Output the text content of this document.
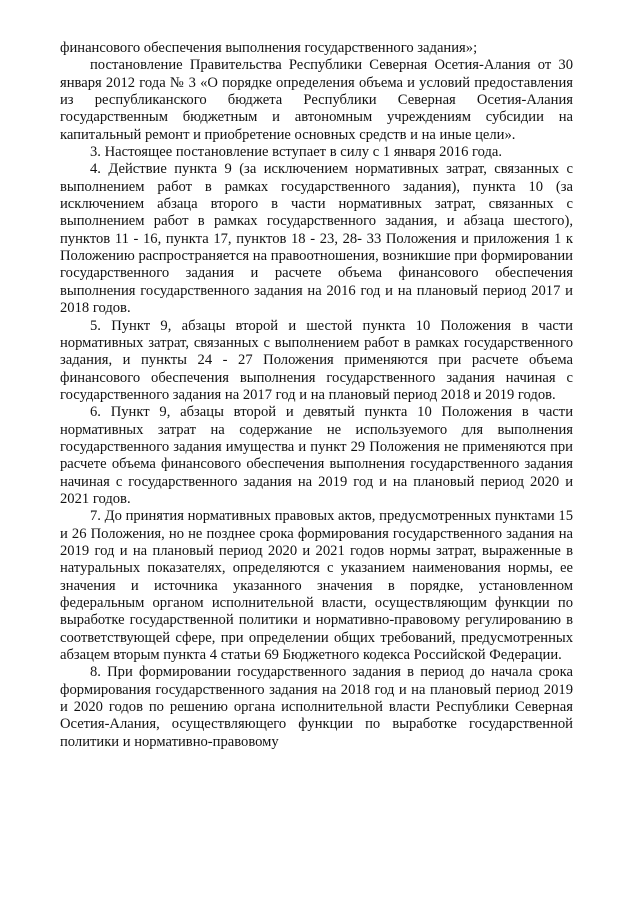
финансового обеспечения выполнения государственного задания»;

постановление Правительства Республики Северная Осетия-Алания от 30 января 2012 года № 3 «О порядке определения объема и условий предоставления из республиканского бюджета Республики Северная Осетия-Алания государственным бюджетным и автономным учреждениям субсидии на капитальный ремонт и приобретение основных средств и на иные цели».

3. Настоящее постановление вступает в силу с 1 января 2016 года.

4. Действие пункта 9 (за исключением нормативных затрат, связанных с выполнением работ в рамках государственного задания), пункта 10 (за исключением абзаца второго в части нормативных затрат, связанных с выполнением работ в рамках государственного задания, и абзаца шестого), пунктов 11 - 16, пункта 17, пунктов 18 - 23, 28- 33 Положения и приложения 1 к Положению распространяется на правоотношения, возникшие при формировании государственного задания и расчете объема финансового обеспечения выполнения государственного задания на 2016 год и на плановый период 2017 и 2018 годов.

5. Пункт 9, абзацы второй и шестой пункта 10 Положения в части нормативных затрат, связанных с выполнением работ в рамках государственного задания, и пункты 24 - 27 Положения применяются при расчете объема финансового обеспечения выполнения государственного задания начиная с государственного задания на 2017 год и на плановый период 2018 и 2019 годов.

6. Пункт 9, абзацы второй и девятый пункта 10 Положения в части нормативных затрат на содержание не используемого для выполнения государственного задания имущества и пункт 29 Положения не применяются при расчете объема финансового обеспечения выполнения государственного задания начиная с государственного задания на 2019 год и на плановый период 2020 и 2021 годов.

7. До принятия нормативных правовых актов, предусмотренных пунктами 15 и 26 Положения, но не позднее срока формирования государственного задания на 2019 год и на плановый период 2020 и 2021 годов нормы затрат, выраженные в натуральных показателях, определяются с указанием наименования нормы, ее значения и источника указанного значения в порядке, установленном федеральным органом исполнительной власти, осуществляющим функции по выработке государственной политики и нормативно-правовому регулированию в соответствующей сфере, при определении общих требований, предусмотренных абзацем вторым пункта 4 статьи 69 Бюджетного кодекса Российской Федерации.

8. При формировании государственного задания в период до начала срока формирования государственного задания на 2018 год и на плановый период 2019 и 2020 годов по решению органа исполнительной власти Республики Северная Осетия-Алания, осуществляющего функции по выработке государственной политики и нормативно-правовому
